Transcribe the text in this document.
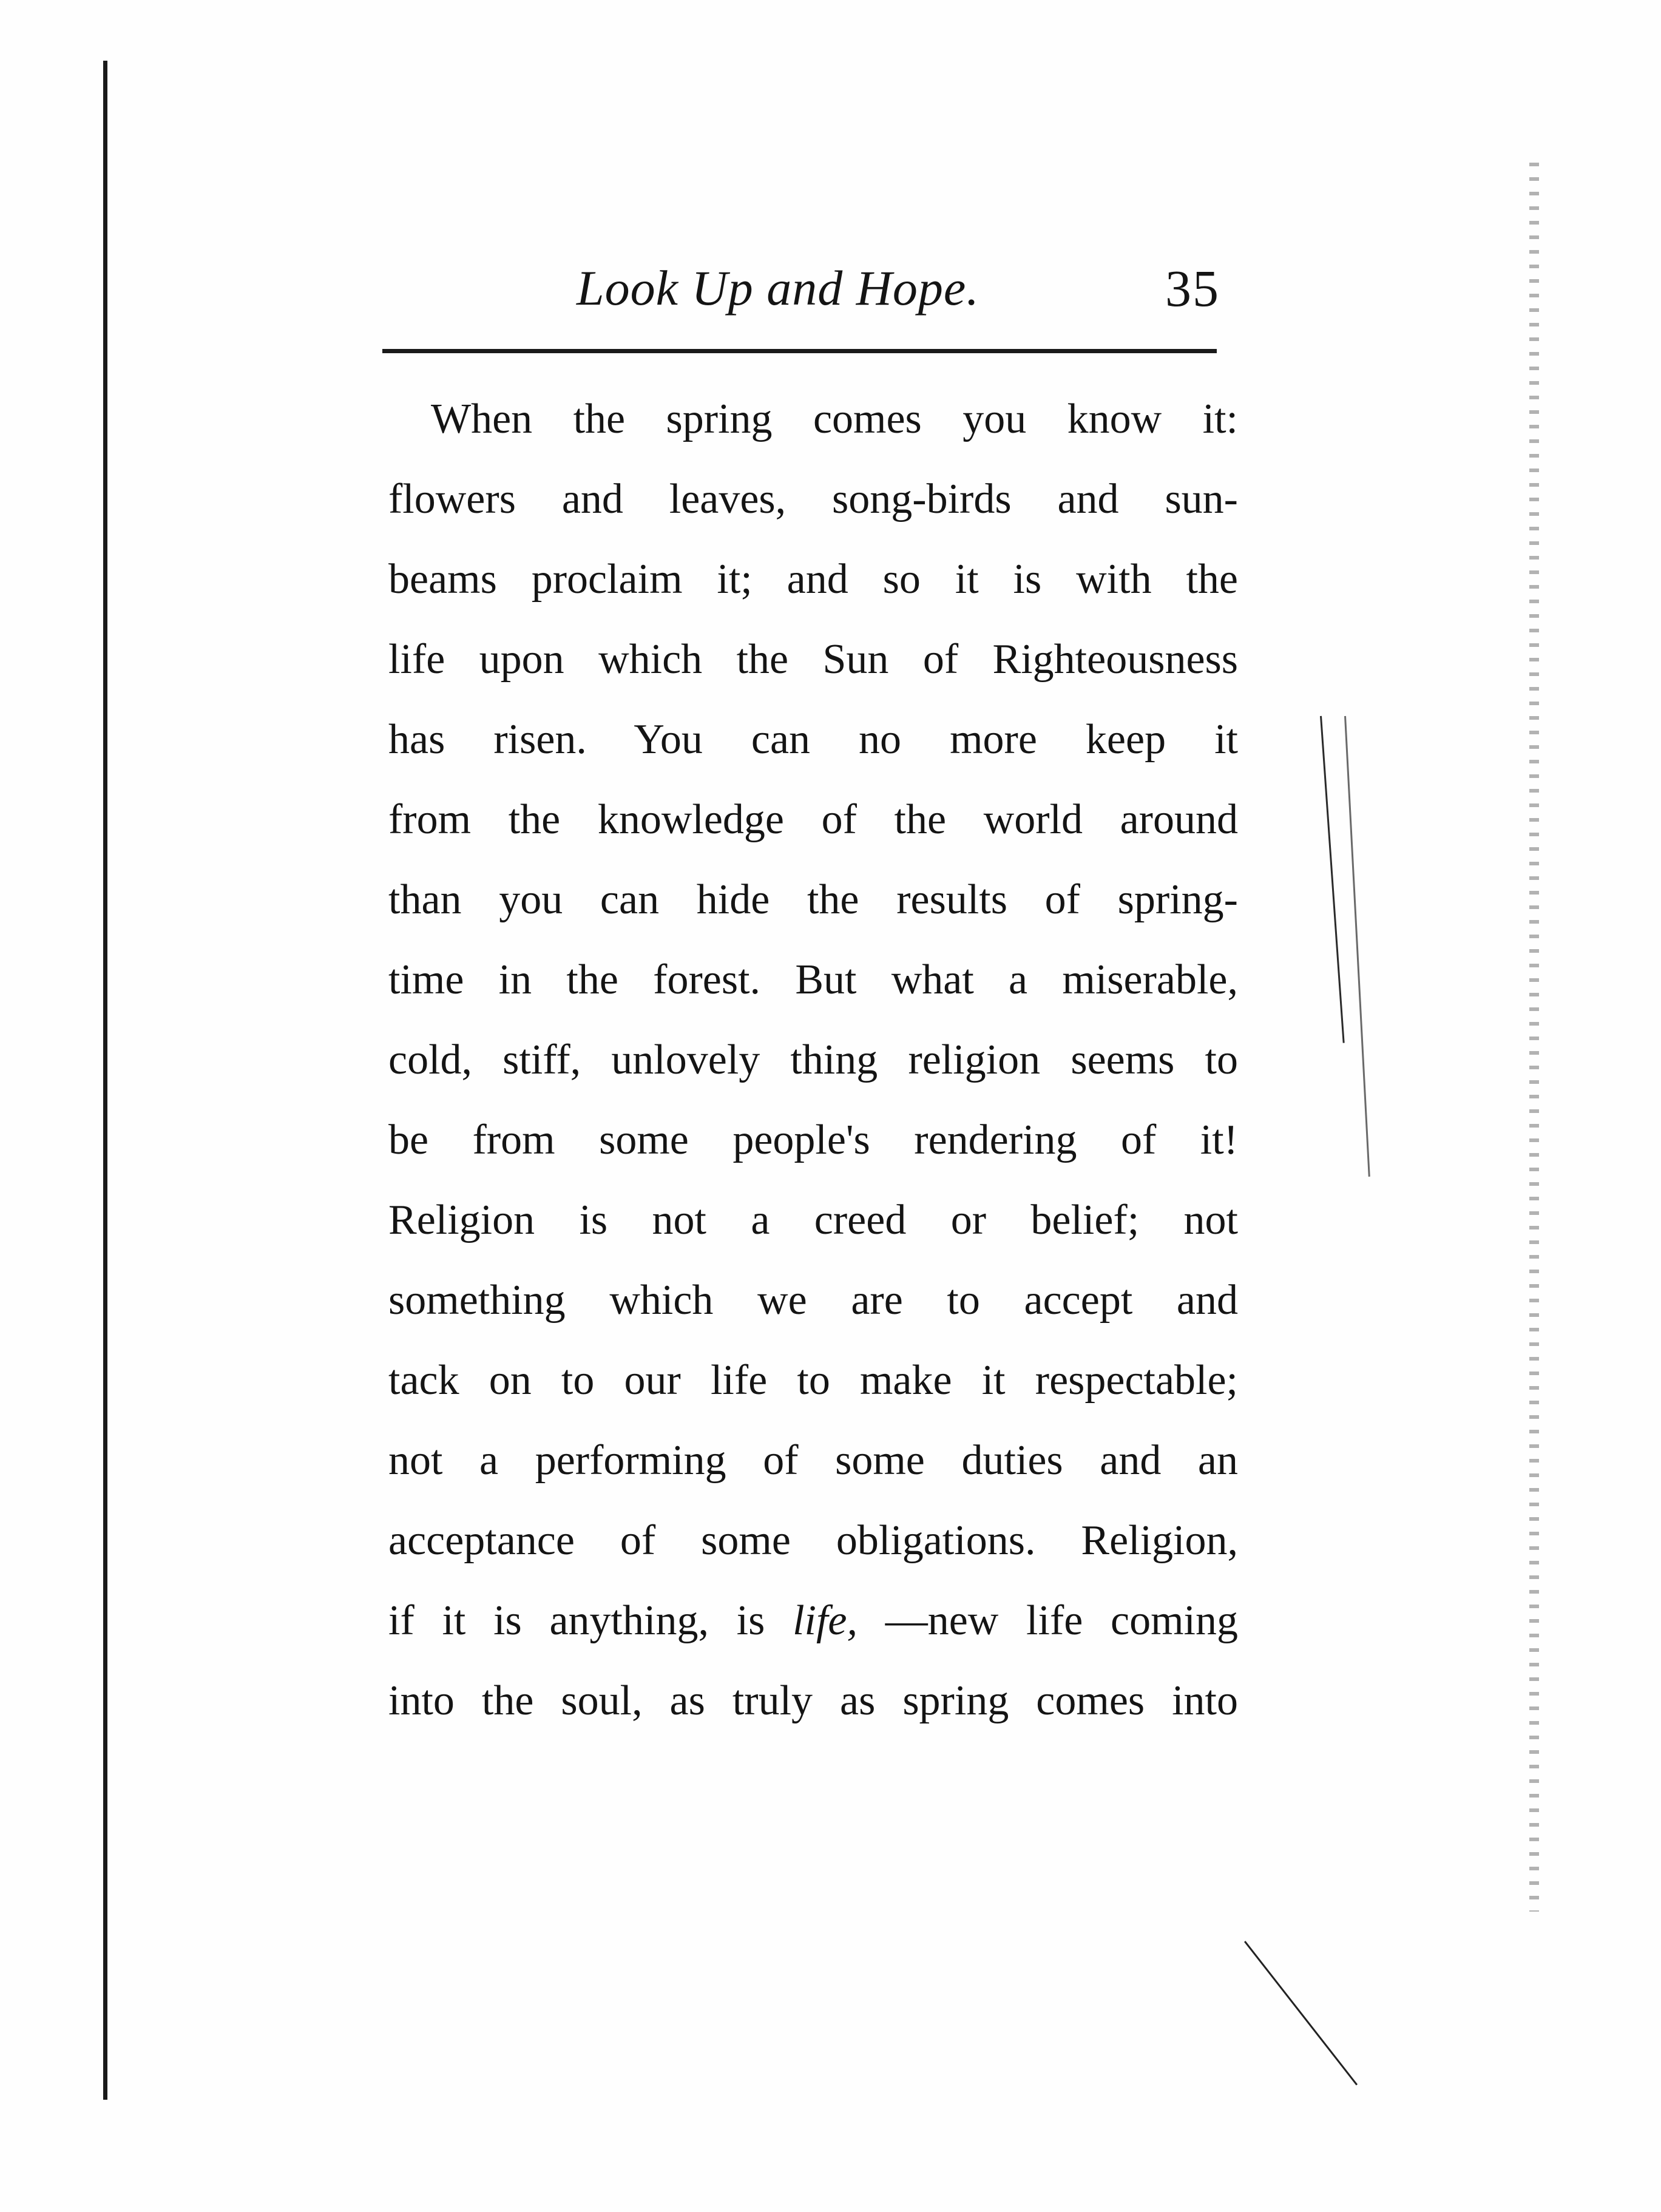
Look Up and Hope.	35
When the spring comes you know it:
flowers and leaves, song-birds and sun-
beams proclaim it; and so it is with the
life upon which the Sun of Righteousness
has risen. You can no more keep it
from the knowledge of the world around
than you can hide the results of spring-
time in the forest. But what a miserable,
cold, stiff, unlovely thing religion seems to
be from some people's rendering of it!
Religion is not a creed or belief; not
something which we are to accept and
tack on to our life to make it respectable;
not a performing of some duties and an
acceptance of some obligations. Religion,
if it is anything, is life, —new life coming
into the soul, as truly as spring comes into
